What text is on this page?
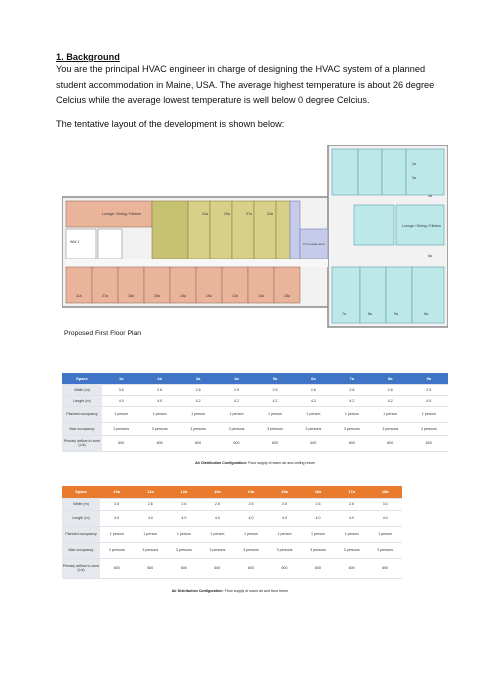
1. Background
You are the principal HVAC engineer in charge of designing the HVAC system of a planned student accommodation in Maine, USA. The average highest temperature is about 26 degree Celcius while the average lowest temperature is well below 0 degree Celcius.
The tentative layout of the development is shown below:
Lounge / Dining / Kitchen
WW 1
21a	20a	27a	22a
TV Lounge area
11a	27a	18a	25a	16a	15a	12a	14a	18a
2a
3a
Lounge / Dining / Kitchen
7a	8a	9a	6a
4a
5a
Proposed First Floor Plan
Space	1a	2a	3a	4a	5a	6a	7a	8a	9a
Width (m)	3.0	2.6	2.6	2.9	2.9	2.6	2.6	2.6	2.5
Length (m)	4.0	4.0	4.2	4.2	4.2	4.2	4.2	4.2	4.5
Planned occupancy	1 person	1 person	1 person	1 person	1 person	1 person	1 person	1 person	1 person
Max occupancy	3 persons	3 persons	3 persons	3 persons	3 persons	3 persons	3 persons	3 persons	3 persons
Primary airflow to zone (L/s)	600	600	600	600	600	600	600	600	600
Air Distribution Configuration: Floor supply of warm air and ceiling return
Space	10a	11a	12a	13a	14a	15a	16a	17a	18a
Width (m)	2.6	2.6	2.6	2.6	2.6	2.6	2.6	2.6	3.0
Length (m)	4.0	4.0	4.0	4.0	4.0	4.0	4.0	4.0	4.0
Planned occupancy	1 person	1 person	1 person	1 person	1 person	1 person	1 person	1 person	1 person
Max occupancy	3 persons	3 persons	3 persons	3 persons	3 persons	3 persons	3 persons	3 persons	3 persons
Primary airflow to zone (L/s)	600	600	600	600	600	600	600	600	600
Air Distribution Configuration: Floor supply of warm air and floor return
